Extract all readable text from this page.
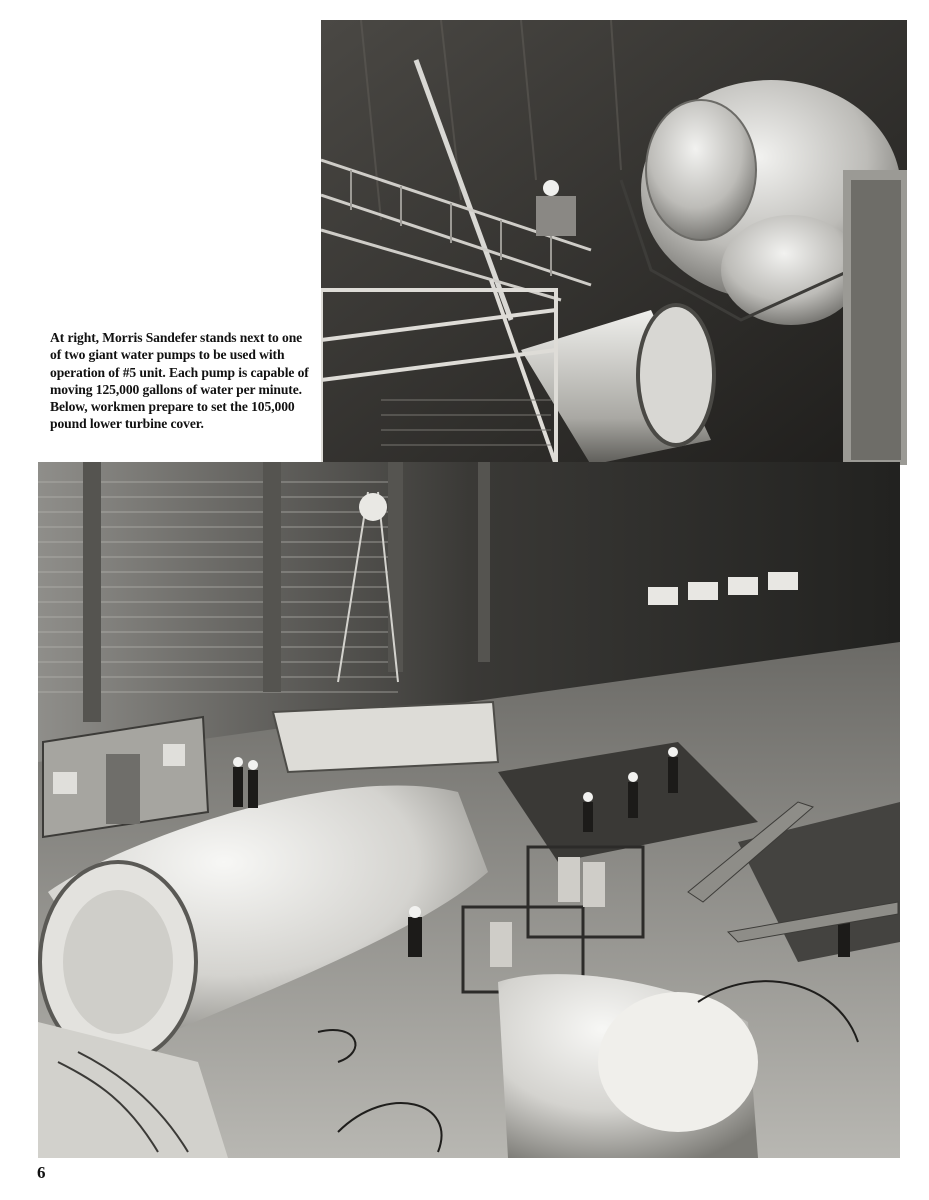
At right, Morris Sandefer stands next to one of two giant water pumps to be used with operation of #5 unit. Each pump is capable of moving 125,000 gallons of water per minute. Below, workmen prepare to set the 105,000 pound lower turbine cover.
6
